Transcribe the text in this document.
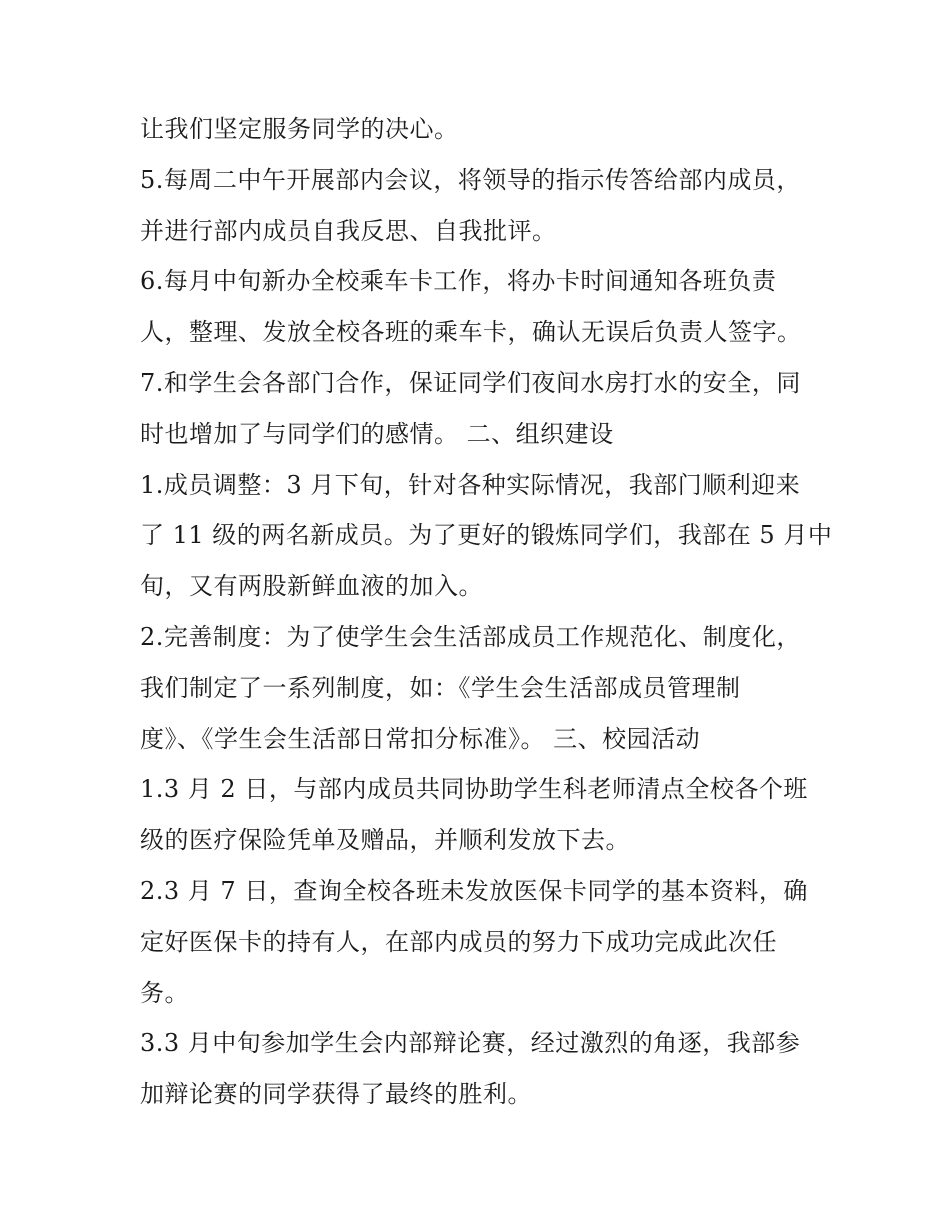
让我们坚定服务同学的决心。
5.每周二中午开展部内会议，将领导的指示传答给部内成员，
并进行部内成员自我反思、自我批评。
6.每月中旬新办全校乘车卡工作，将办卡时间通知各班负责
人，整理、发放全校各班的乘车卡，确认无误后负责人签字。
7.和学生会各部门合作，保证同学们夜间水房打水的安全，同
时也增加了与同学们的感情。 二、组织建设
1.成员调整：3 月下旬，针对各种实际情况，我部门顺利迎来
了 11 级的两名新成员。为了更好的锻炼同学们，我部在 5 月中
旬，又有两股新鲜血液的加入。
2.完善制度：为了使学生会生活部成员工作规范化、制度化，
我们制定了一系列制度，如：《学生会生活部成员管理制
度》、《学生会生活部日常扣分标准》。 三、校园活动
1.3 月 2 日，与部内成员共同协助学生科老师清点全校各个班
级的医疗保险凭单及赠品，并顺利发放下去。
2.3 月 7 日，查询全校各班未发放医保卡同学的基本资料，确
定好医保卡的持有人，在部内成员的努力下成功完成此次任
务。
3.3 月中旬参加学生会内部辩论赛，经过激烈的角逐，我部参
加辩论赛的同学获得了最终的胜利。
